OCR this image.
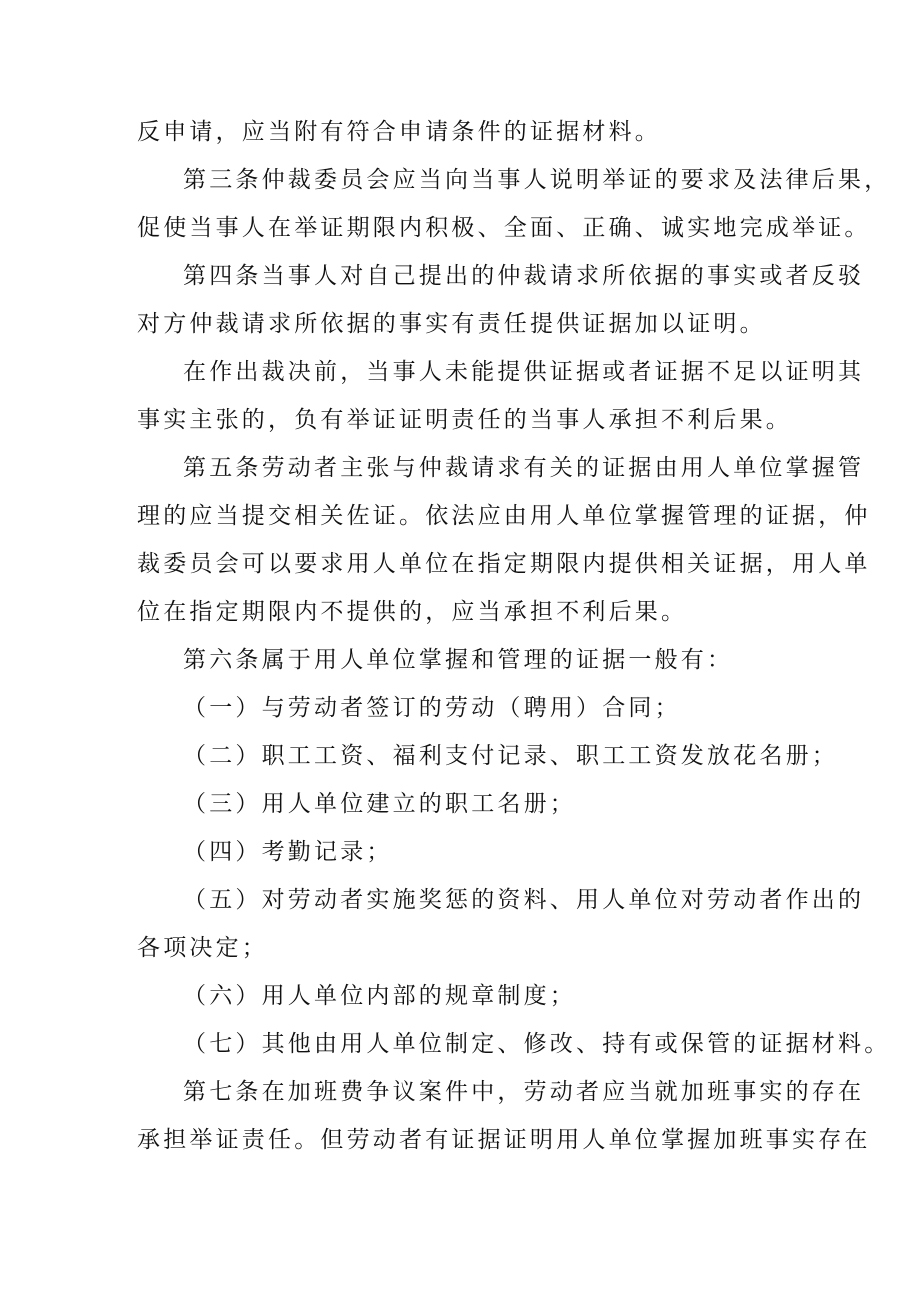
反申请，应当附有符合申请条件的证据材料。
第三条仲裁委员会应当向当事人说明举证的要求及法律后果，
促使当事人在举证期限内积极、全面、正确、诚实地完成举证。
第四条当事人对自己提出的仲裁请求所依据的事实或者反驳
对方仲裁请求所依据的事实有责任提供证据加以证明。
在作出裁决前，当事人未能提供证据或者证据不足以证明其
事实主张的，负有举证证明责任的当事人承担不利后果。
第五条劳动者主张与仲裁请求有关的证据由用人单位掌握管
理的应当提交相关佐证。依法应由用人单位掌握管理的证据，仲
裁委员会可以要求用人单位在指定期限内提供相关证据，用人单
位在指定期限内不提供的，应当承担不利后果。
第六条属于用人单位掌握和管理的证据一般有：
（一）与劳动者签订的劳动（聘用）合同；
（二）职工工资、福利支付记录、职工工资发放花名册；
（三）用人单位建立的职工名册；
（四）考勤记录；
（五）对劳动者实施奖惩的资料、用人单位对劳动者作出的
各项决定；
（六）用人单位内部的规章制度；
（七）其他由用人单位制定、修改、持有或保管的证据材料。
第七条在加班费争议案件中，劳动者应当就加班事实的存在
承担举证责任。但劳动者有证据证明用人单位掌握加班事实存在
